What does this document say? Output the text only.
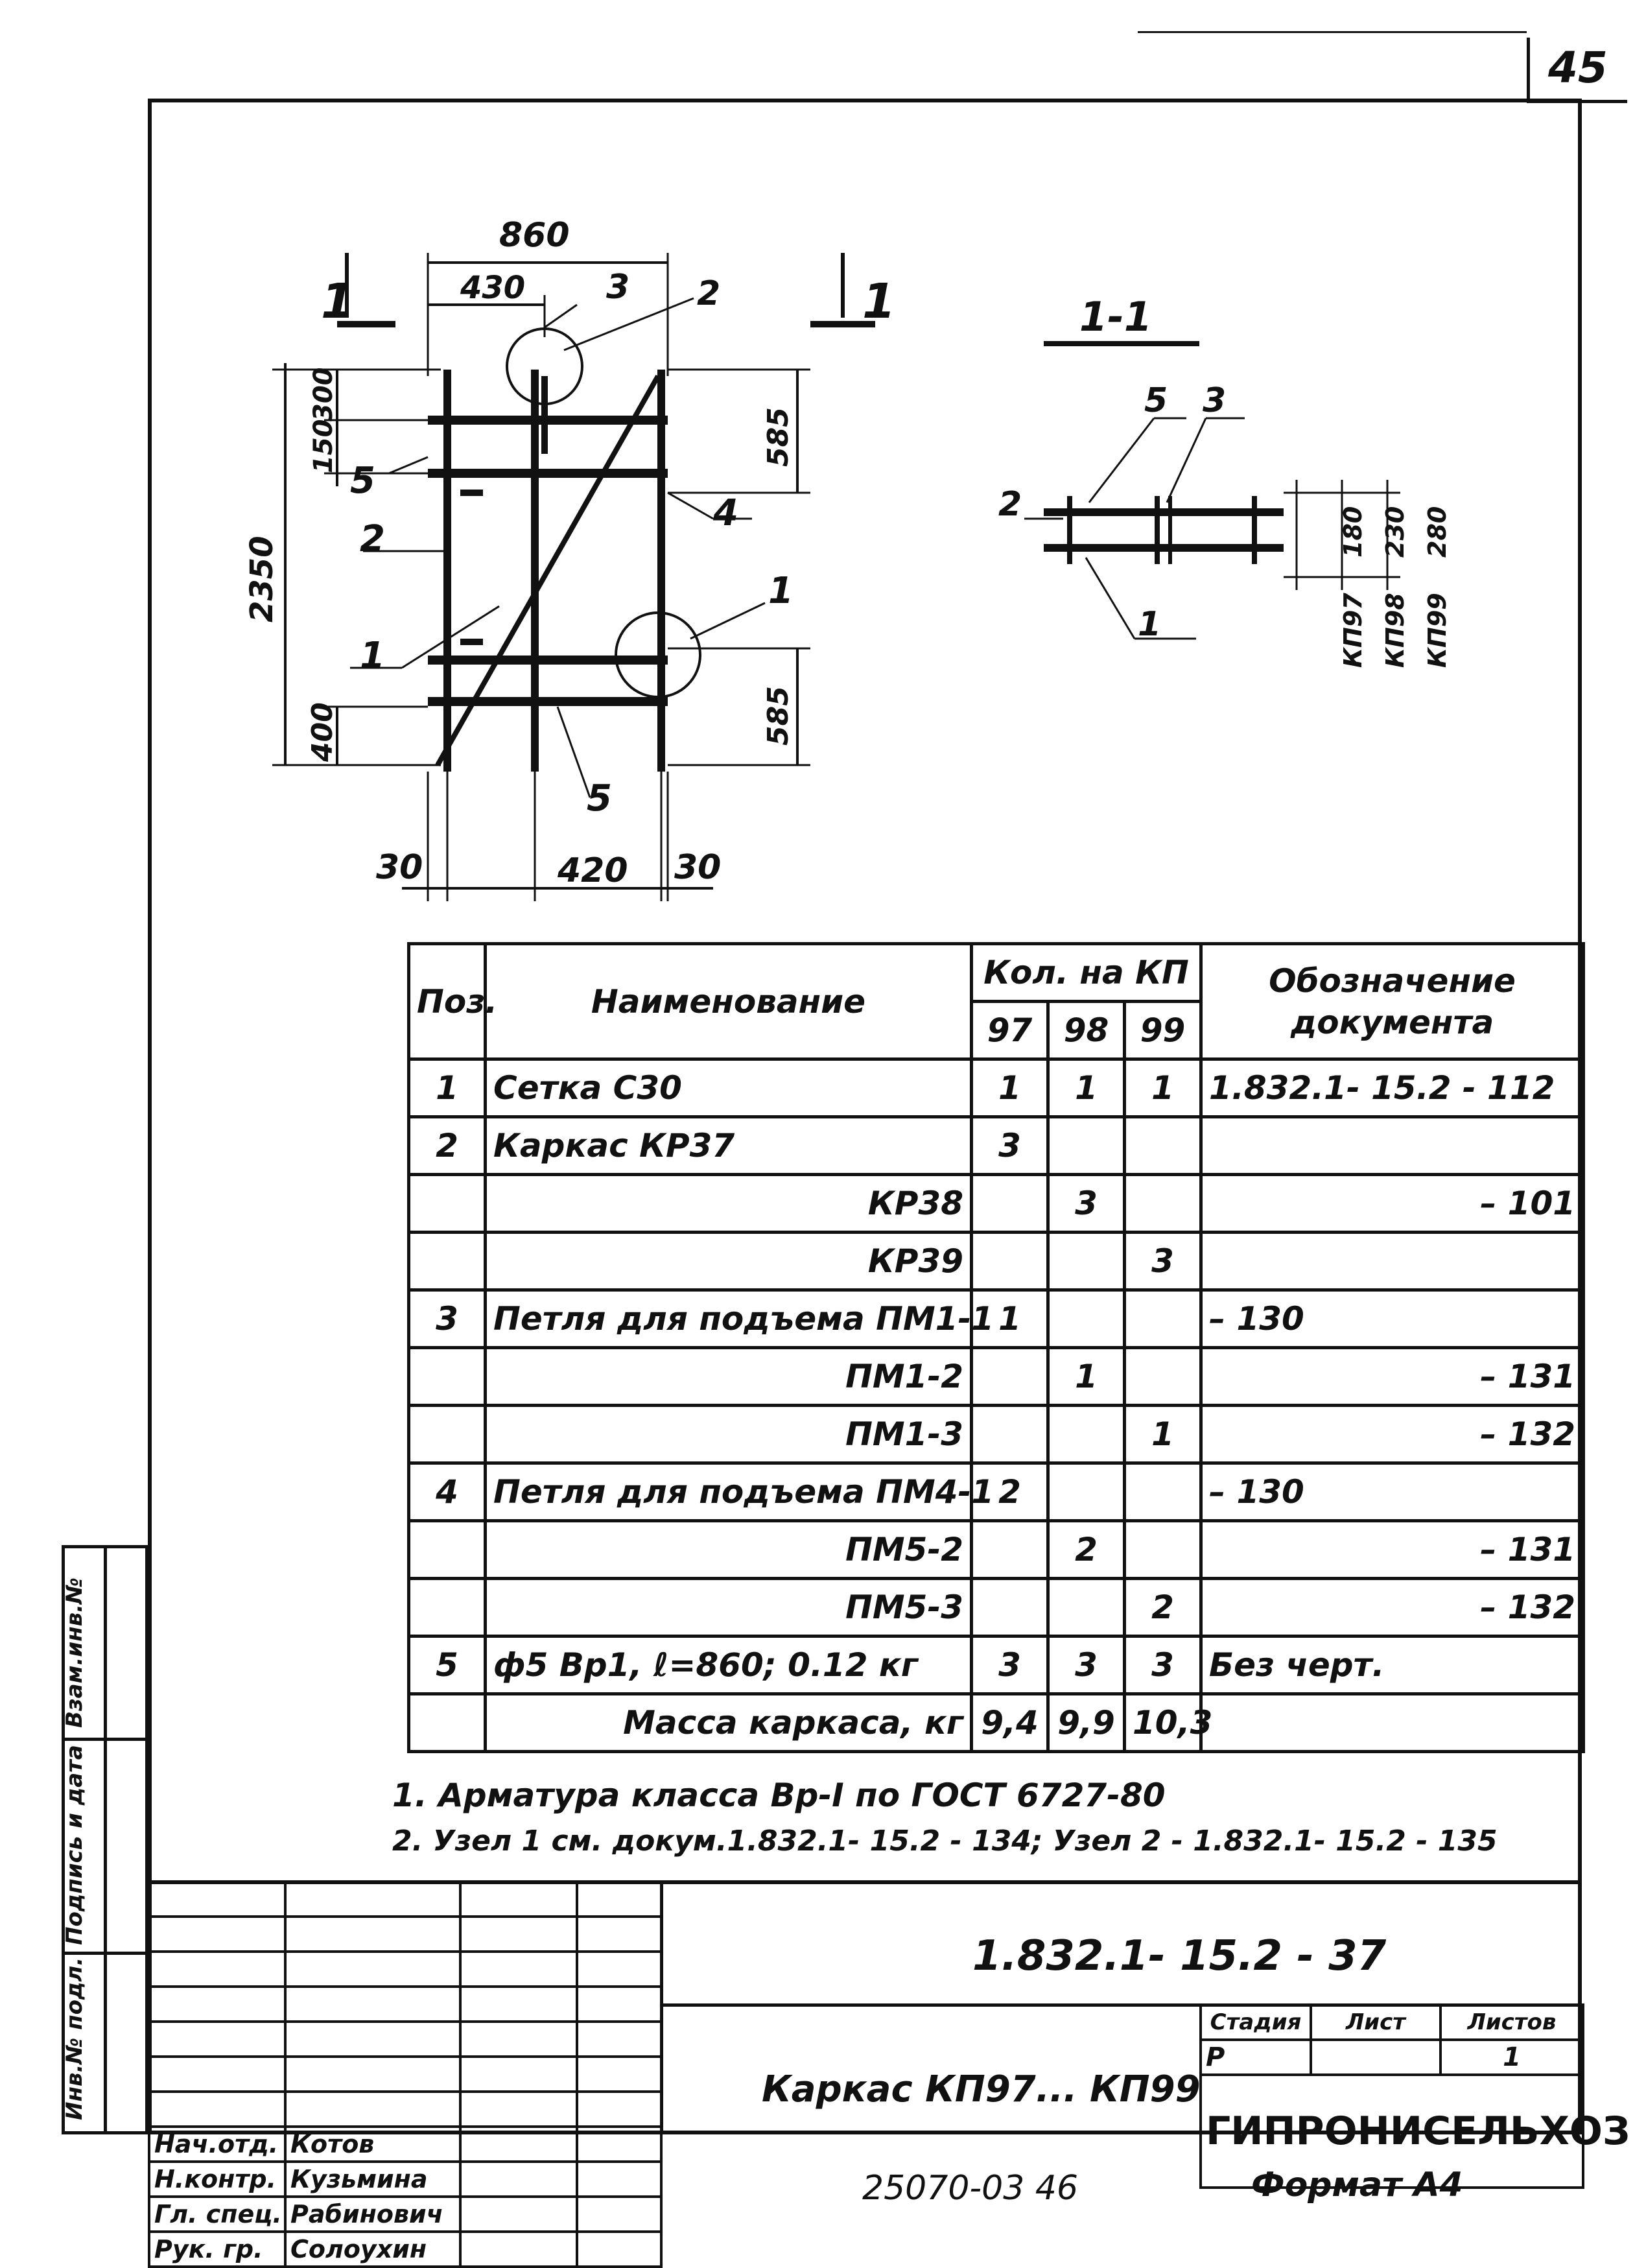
45
Инв.№ подл.
Подпись и дата
Взам.инв.№
860
430 3 2
1	1
5
4
2
1
1
5
2350
300
150	585
585
400
30	420 30
1-1
5 3
2
1
180 230 280
КП97 КП98 КП99
Поз.	Наименование	Кол. на КП			Обозначение документа
		97	98	99	
1	Сетка С30	1	1	1	1.832.1- 15.2 - 112
2	Каркас КР37	3			
	КР38		3		– 101
	КР39			3	
3	Петля для подъема ПМ1-1	1			– 130
	ПМ1-2		1		– 131
	ПМ1-3			1	– 132
4	Петля для подъема ПМ4-1	2			– 130
	ПМ5-2		2		– 131
	ПМ5-3			2	– 132
5	ф5 Вр1, ℓ=860; 0.12 кг	3	3	3	Без черт.
	Масса каркаса, кг	9,4	9,9	10,3	
1. Арматура класса Вр-I по ГОСТ 6727-80
2. Узел 1 см. докум.1.832.1- 15.2 - 134; Узел 2 - 1.832.1- 15.2 - 135

Нач.отд.	Котов		
Н.контр.	Кузьмина		
Гл. спец.	Рабинович		
Рук. гр.	Солоухин		
1.832.1- 15.2 - 37
Каркас КП97... КП99
Стадия	Лист	Листов
Р		1
ГИПРОНИСЕЛЬХОЗ		
25070-03 46	Формат А4
